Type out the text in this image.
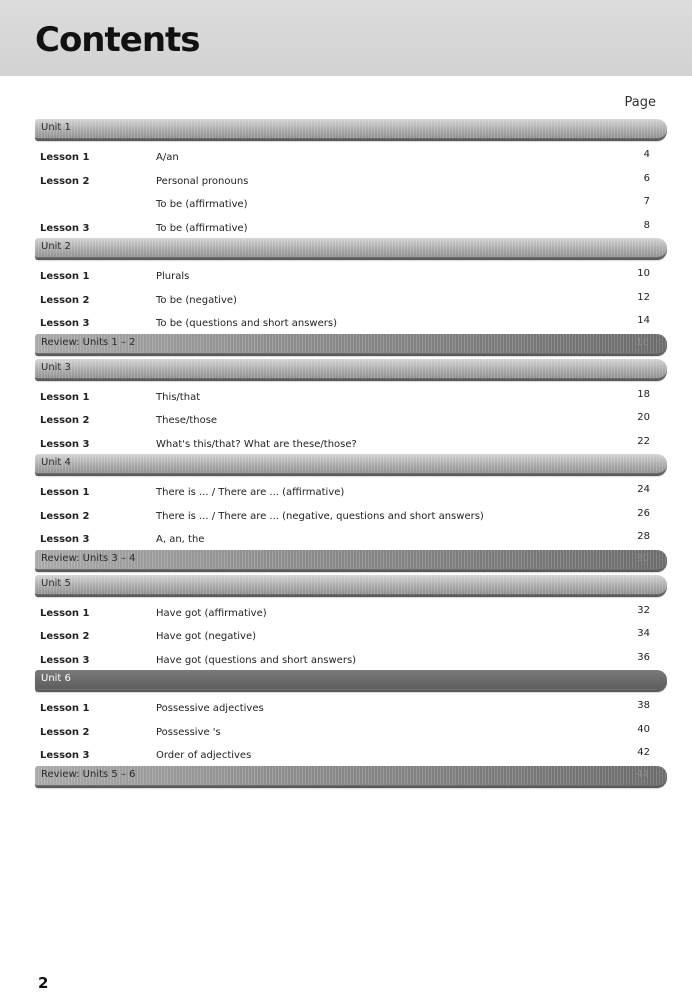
Contents
Page
Unit 1
Lesson 1	A/an	4
Lesson 2	Personal pronouns	6
To be (affirmative)	7
Lesson 3	To be (affirmative)	8
Unit 2
Lesson 1	Plurals	10
Lesson 2	To be (negative)	12
Lesson 3	To be (questions and short answers)	14
Review: Units 1 – 2	16
Unit 3
Lesson 1	This/that	18
Lesson 2	These/those	20
Lesson 3	What's this/that? What are these/those?	22
Unit 4
Lesson 1	There is ... / There are ... (affirmative)	24
Lesson 2	There is ... / There are ... (negative, questions and short answers)	26
Lesson 3	A, an, the	28
Review: Units 3 – 4	30
Unit 5
Lesson 1	Have got (affirmative)	32
Lesson 2	Have got (negative)	34
Lesson 3	Have got (questions and short answers)	36
Unit 6
Lesson 1	Possessive adjectives	38
Lesson 2	Possessive 's	40
Lesson 3	Order of adjectives	42
Review: Units 5 – 6	44
2
